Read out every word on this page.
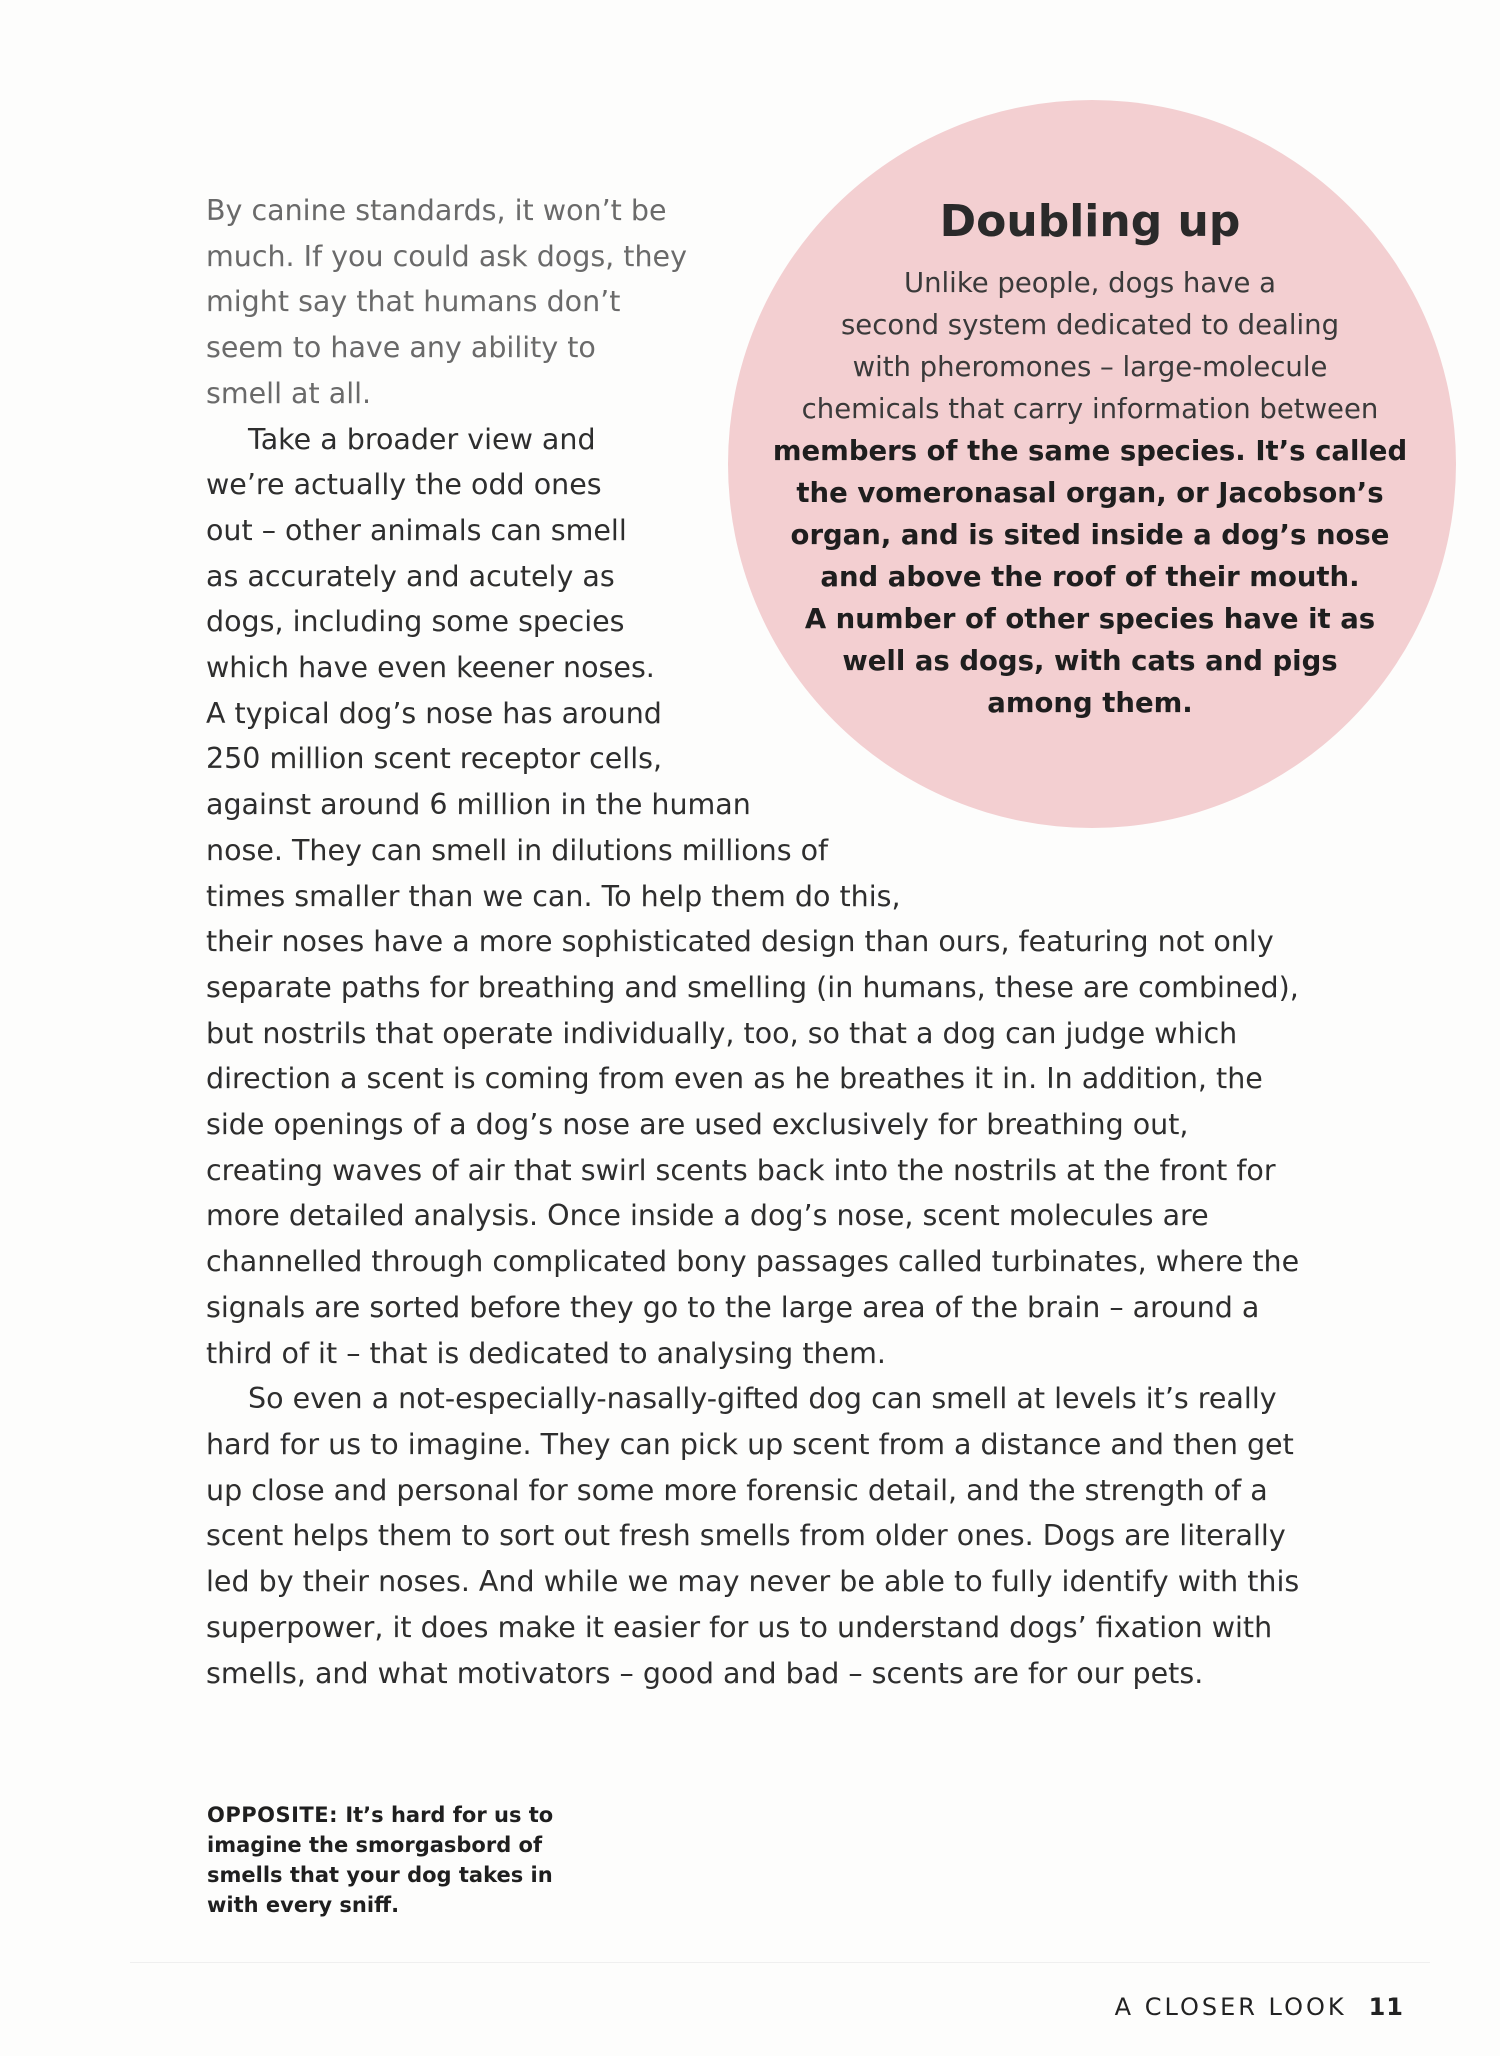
Doubling up

Unlike people, dogs have a
second system dedicated to dealing
with pheromones – large-molecule
chemicals that carry information between
members of the same species. It’s called
the vomeronasal organ, or Jacobson’s
organ, and is sited inside a dog’s nose
and above the roof of their mouth.
A number of other species have it as
well as dogs, with cats and pigs
among them.

By canine standards, it won’t be
much. If you could ask dogs, they
might say that humans don’t
seem to have any ability to
smell at all.
Take a broader view and
we’re actually the odd ones
out – other animals can smell
as accurately and acutely as
dogs, including some species
which have even keener noses.
A typical dog’s nose has around
250 million scent receptor cells,
against around 6 million in the human
nose. They can smell in dilutions millions of
times smaller than we can. To help them do this,
their noses have a more sophisticated design than ours, featuring not only
separate paths for breathing and smelling (in humans, these are combined),
but nostrils that operate individually, too, so that a dog can judge which
direction a scent is coming from even as he breathes it in. In addition, the
side openings of a dog’s nose are used exclusively for breathing out,
creating waves of air that swirl scents back into the nostrils at the front for
more detailed analysis. Once inside a dog’s nose, scent molecules are
channelled through complicated bony passages called turbinates, where the
signals are sorted before they go to the large area of the brain – around a
third of it – that is dedicated to analysing them.
So even a not-especially-nasally-gifted dog can smell at levels it’s really
hard for us to imagine. They can pick up scent from a distance and then get
up close and personal for some more forensic detail, and the strength of a
scent helps them to sort out fresh smells from older ones. Dogs are literally
led by their noses. And while we may never be able to fully identify with this
superpower, it does make it easier for us to understand dogs’ fixation with
smells, and what motivators – good and bad – scents are for our pets.

OPPOSITE: It’s hard for us to
imagine the smorgasbord of
smells that your dog takes in
with every sniff.

A CLOSER LOOK 11
